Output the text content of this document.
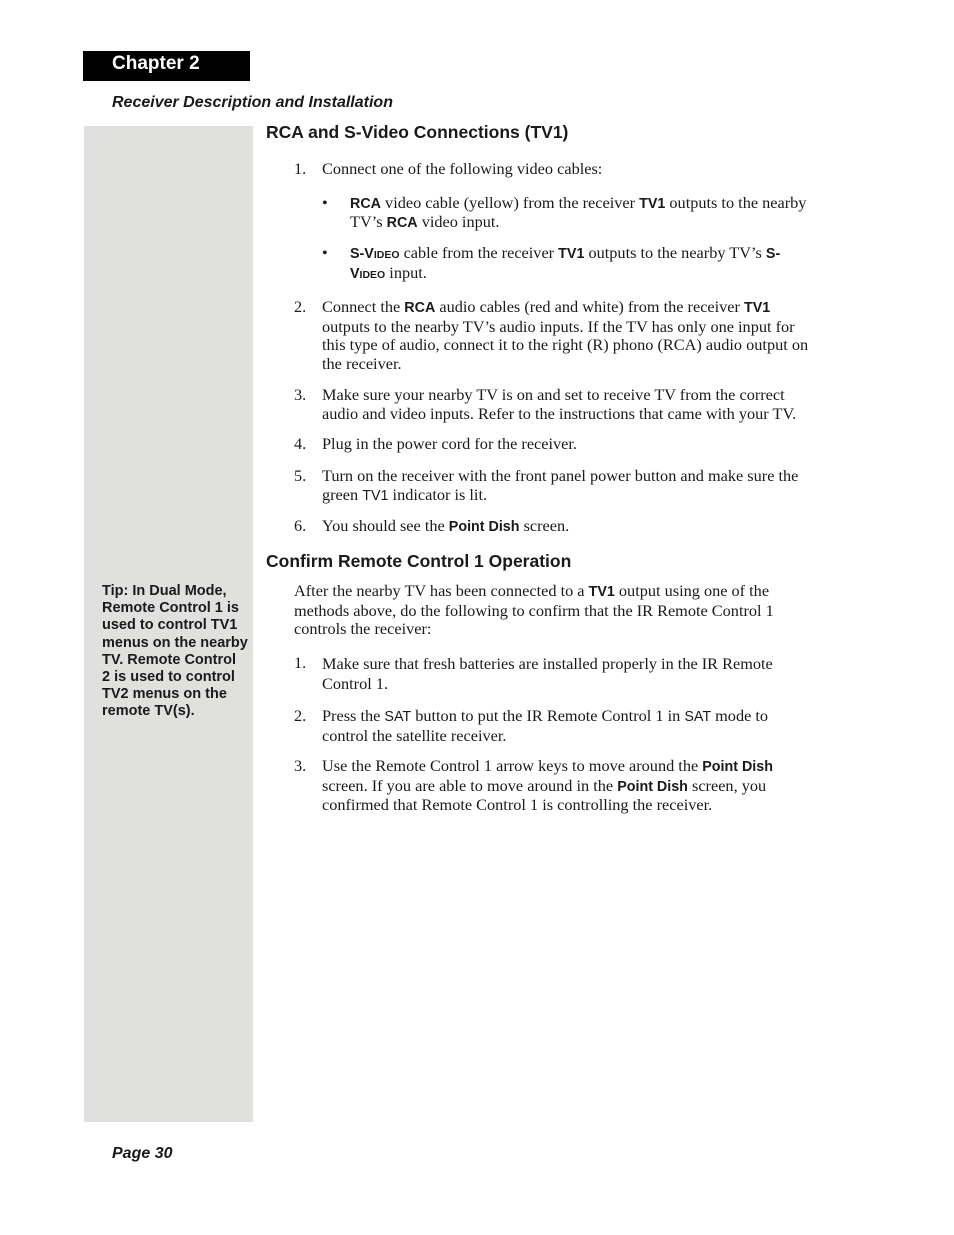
Chapter 2
Receiver Description and Installation
Tip: In Dual Mode, Remote Control 1 is used to control TV1 menus on the nearby TV. Remote Control 2 is used to control TV2 menus on the remote TV(s).
RCA and S-Video Connections (TV1)
1. Connect one of the following video cables:
• RCA video cable (yellow) from the receiver TV1 outputs to the nearby
TV’s RCA video input.
• S-VIDEO cable from the receiver TV1 outputs to the nearby TV’s S-
VIDEO input.
2. Connect the RCA audio cables (red and white) from the receiver TV1
outputs to the nearby TV’s audio inputs. If the TV has only one input for
this type of audio, connect it to the right (R) phono (RCA) audio output on
the receiver.
3. Make sure your nearby TV is on and set to receive TV from the correct
audio and video inputs. Refer to the instructions that came with your TV.
4. Plug in the power cord for the receiver.
5. Turn on the receiver with the front panel power button and make sure the
green TV1 indicator is lit.
6. You should see the Point Dish screen.
Confirm Remote Control 1 Operation
After the nearby TV has been connected to a TV1 output using one of the
methods above, do the following to confirm that the IR Remote Control 1
controls the receiver:
1. Make sure that fresh batteries are installed properly in the IR Remote
Control 1.
2. Press the SAT button to put the IR Remote Control 1 in SAT mode to
control the satellite receiver.
3. Use the Remote Control 1 arrow keys to move around the Point Dish
screen. If you are able to move around in the Point Dish screen, you
confirmed that Remote Control 1 is controlling the receiver.
Page 30
